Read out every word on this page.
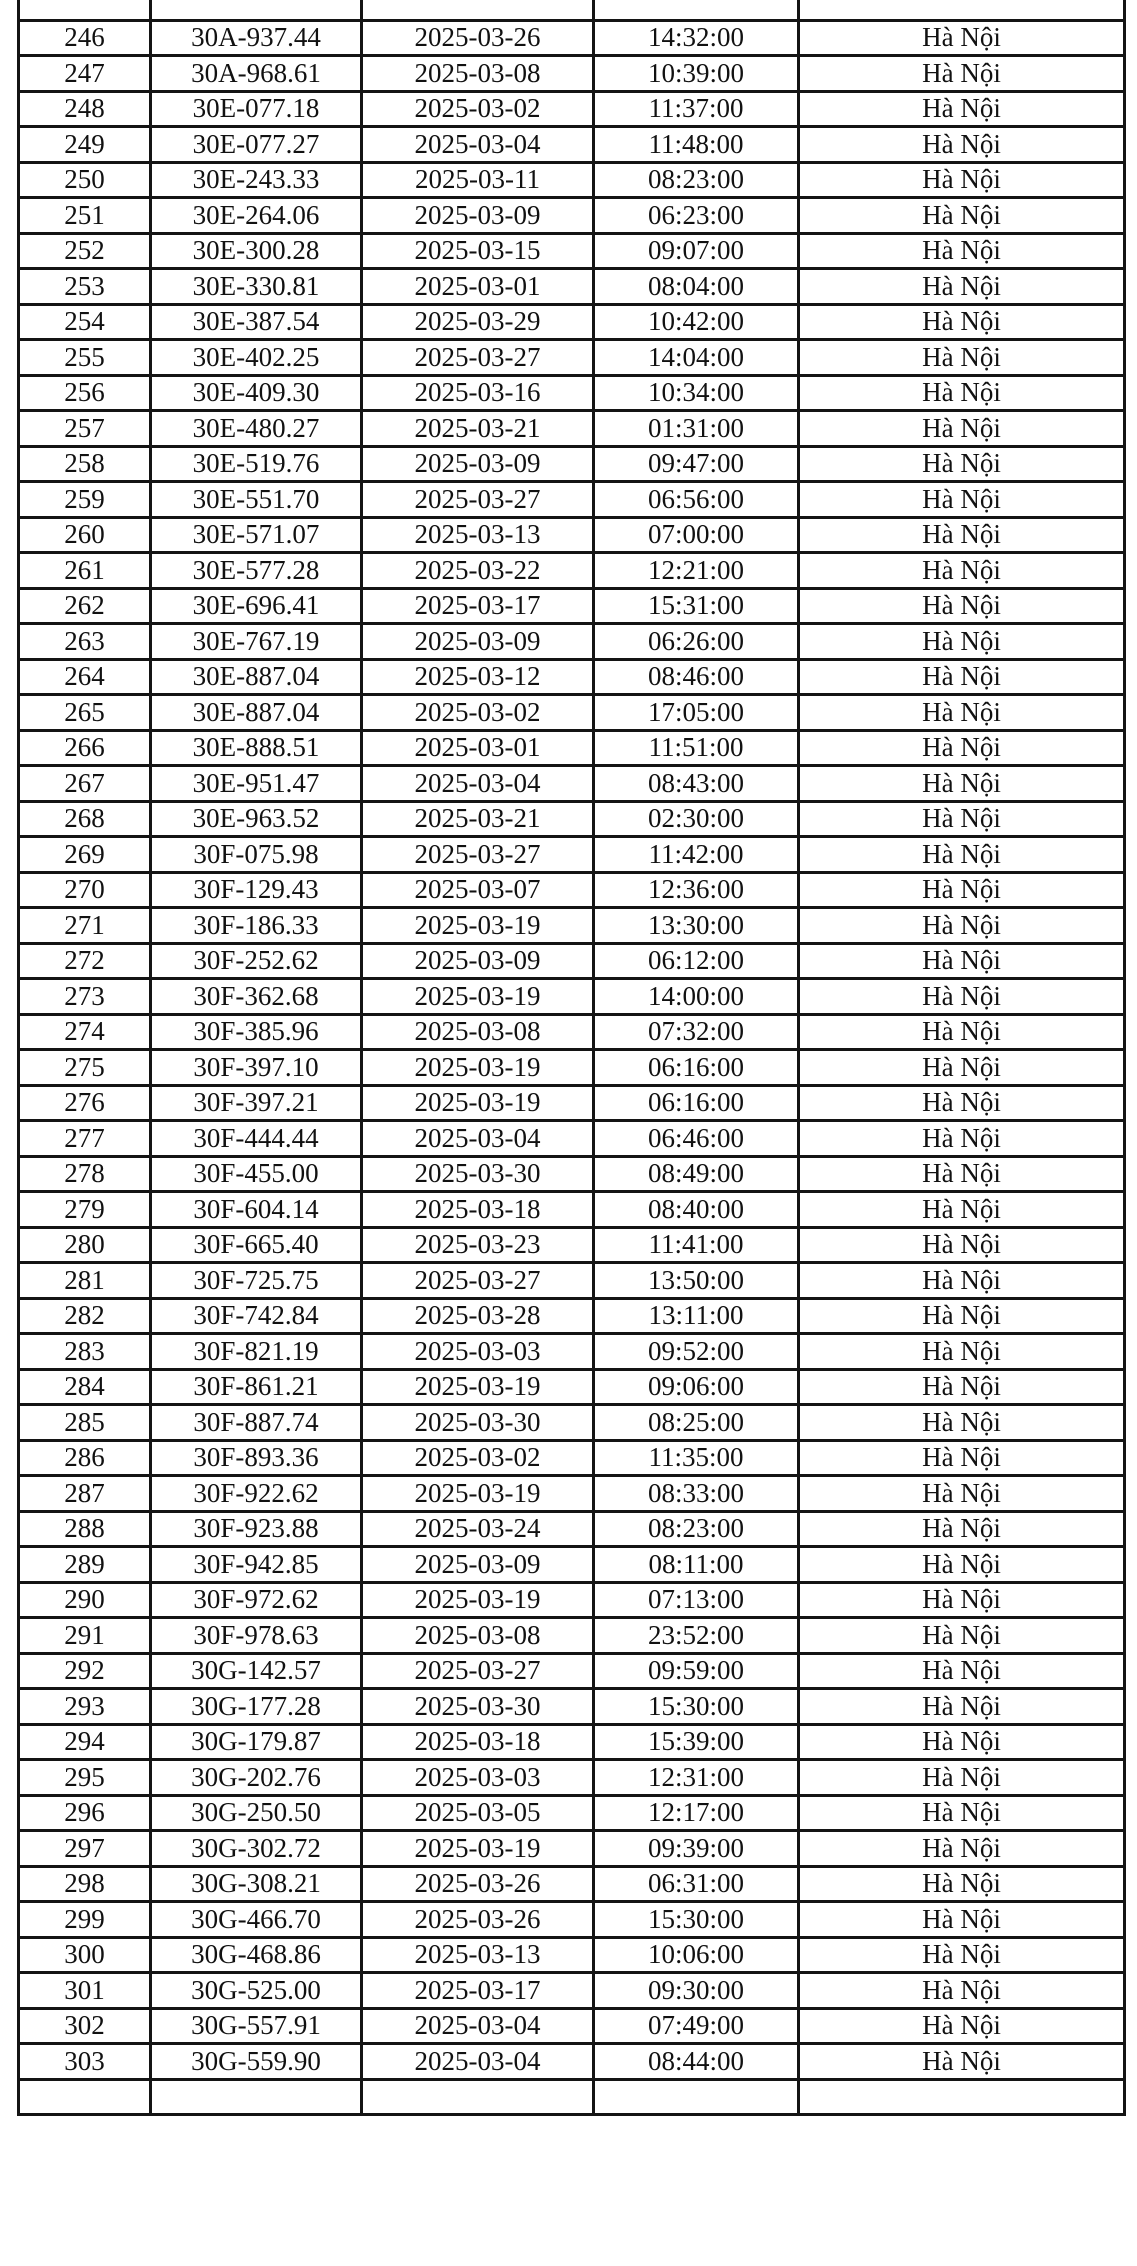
246	30A-937.44	2025-03-26	14:32:00	Hà Nội
247	30A-968.61	2025-03-08	10:39:00	Hà Nội
248	30E-077.18	2025-03-02	11:37:00	Hà Nội
249	30E-077.27	2025-03-04	11:48:00	Hà Nội
250	30E-243.33	2025-03-11	08:23:00	Hà Nội
251	30E-264.06	2025-03-09	06:23:00	Hà Nội
252	30E-300.28	2025-03-15	09:07:00	Hà Nội
253	30E-330.81	2025-03-01	08:04:00	Hà Nội
254	30E-387.54	2025-03-29	10:42:00	Hà Nội
255	30E-402.25	2025-03-27	14:04:00	Hà Nội
256	30E-409.30	2025-03-16	10:34:00	Hà Nội
257	30E-480.27	2025-03-21	01:31:00	Hà Nội
258	30E-519.76	2025-03-09	09:47:00	Hà Nội
259	30E-551.70	2025-03-27	06:56:00	Hà Nội
260	30E-571.07	2025-03-13	07:00:00	Hà Nội
261	30E-577.28	2025-03-22	12:21:00	Hà Nội
262	30E-696.41	2025-03-17	15:31:00	Hà Nội
263	30E-767.19	2025-03-09	06:26:00	Hà Nội
264	30E-887.04	2025-03-12	08:46:00	Hà Nội
265	30E-887.04	2025-03-02	17:05:00	Hà Nội
266	30E-888.51	2025-03-01	11:51:00	Hà Nội
267	30E-951.47	2025-03-04	08:43:00	Hà Nội
268	30E-963.52	2025-03-21	02:30:00	Hà Nội
269	30F-075.98	2025-03-27	11:42:00	Hà Nội
270	30F-129.43	2025-03-07	12:36:00	Hà Nội
271	30F-186.33	2025-03-19	13:30:00	Hà Nội
272	30F-252.62	2025-03-09	06:12:00	Hà Nội
273	30F-362.68	2025-03-19	14:00:00	Hà Nội
274	30F-385.96	2025-03-08	07:32:00	Hà Nội
275	30F-397.10	2025-03-19	06:16:00	Hà Nội
276	30F-397.21	2025-03-19	06:16:00	Hà Nội
277	30F-444.44	2025-03-04	06:46:00	Hà Nội
278	30F-455.00	2025-03-30	08:49:00	Hà Nội
279	30F-604.14	2025-03-18	08:40:00	Hà Nội
280	30F-665.40	2025-03-23	11:41:00	Hà Nội
281	30F-725.75	2025-03-27	13:50:00	Hà Nội
282	30F-742.84	2025-03-28	13:11:00	Hà Nội
283	30F-821.19	2025-03-03	09:52:00	Hà Nội
284	30F-861.21	2025-03-19	09:06:00	Hà Nội
285	30F-887.74	2025-03-30	08:25:00	Hà Nội
286	30F-893.36	2025-03-02	11:35:00	Hà Nội
287	30F-922.62	2025-03-19	08:33:00	Hà Nội
288	30F-923.88	2025-03-24	08:23:00	Hà Nội
289	30F-942.85	2025-03-09	08:11:00	Hà Nội
290	30F-972.62	2025-03-19	07:13:00	Hà Nội
291	30F-978.63	2025-03-08	23:52:00	Hà Nội
292	30G-142.57	2025-03-27	09:59:00	Hà Nội
293	30G-177.28	2025-03-30	15:30:00	Hà Nội
294	30G-179.87	2025-03-18	15:39:00	Hà Nội
295	30G-202.76	2025-03-03	12:31:00	Hà Nội
296	30G-250.50	2025-03-05	12:17:00	Hà Nội
297	30G-302.72	2025-03-19	09:39:00	Hà Nội
298	30G-308.21	2025-03-26	06:31:00	Hà Nội
299	30G-466.70	2025-03-26	15:30:00	Hà Nội
300	30G-468.86	2025-03-13	10:06:00	Hà Nội
301	30G-525.00	2025-03-17	09:30:00	Hà Nội
302	30G-557.91	2025-03-04	07:49:00	Hà Nội
303	30G-559.90	2025-03-04	08:44:00	Hà Nội
